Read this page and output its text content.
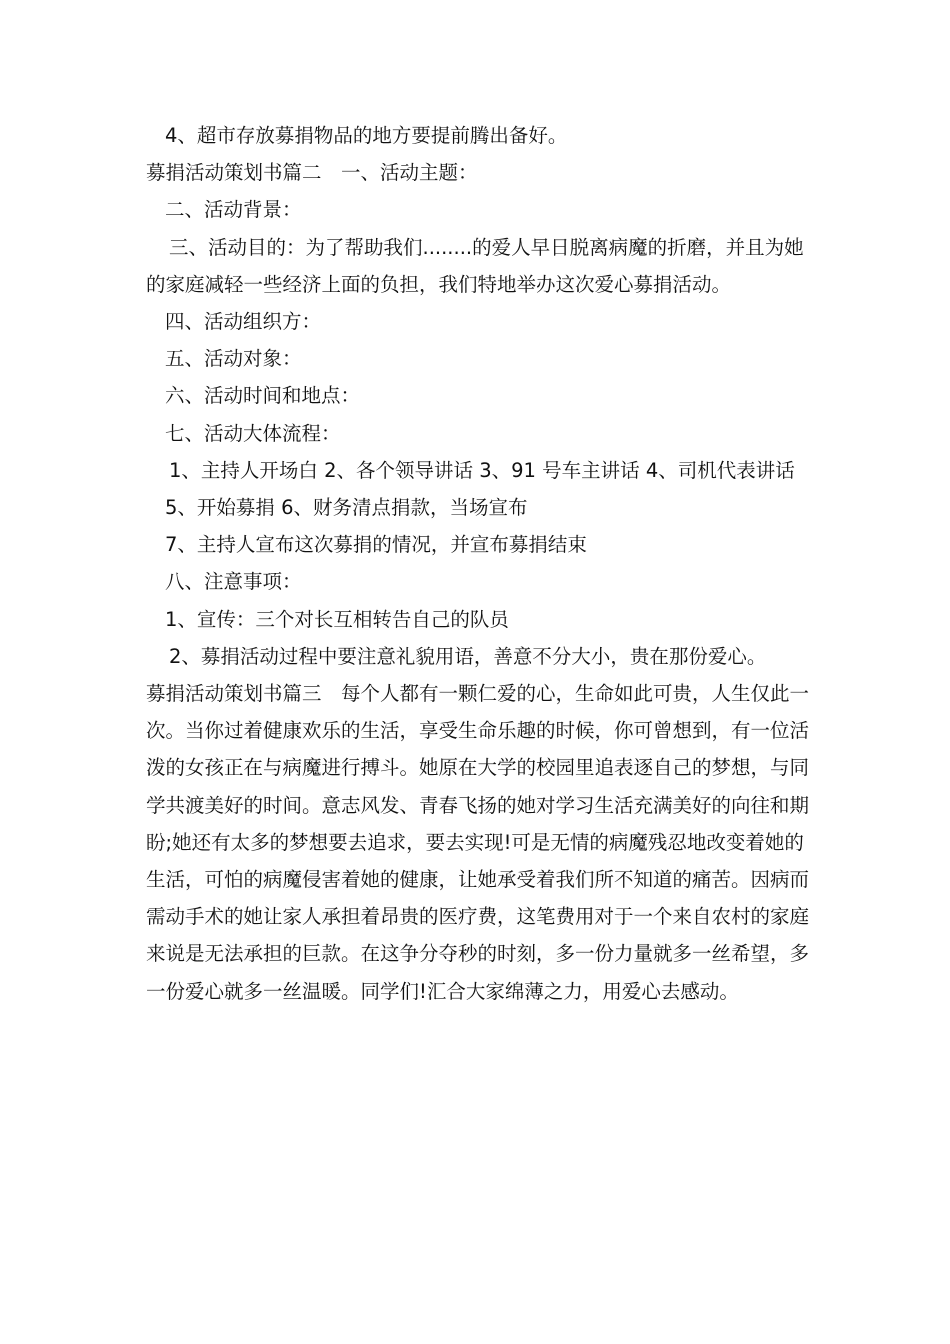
4、超市存放募捐物品的地方要提前腾出备好。

募捐活动策划书篇二　一、活动主题：

二、活动背景：

三、活动目的：为了帮助我们........的爱人早日脱离病魔的折磨，并且为她的家庭减轻一些经济上面的负担，我们特地举办这次爱心募捐活动。

四、活动组织方：

五、活动对象：

六、活动时间和地点：

七、活动大体流程：

1、主持人开场白 2、各个领导讲话 3、91 号车主讲话 4、司机代表讲话

5、开始募捐 6、财务清点捐款，当场宣布

7、主持人宣布这次募捐的情况，并宣布募捐结束

八、注意事项：

1、宣传：三个对长互相转告自己的队员

2、募捐活动过程中要注意礼貌用语，善意不分大小，贵在那份爱心。

募捐活动策划书篇三　每个人都有一颗仁爱的心，生命如此可贵，人生仅此一次。当你过着健康欢乐的生活，享受生命乐趣的时候，你可曾想到，有一位活泼的女孩正在与病魔进行搏斗。她原在大学的校园里追表逐自己的梦想，与同学共渡美好的时间。意志风发、青春飞扬的她对学习生活充满美好的向往和期盼;她还有太多的梦想要去追求，要去实现!可是无情的病魔残忍地改变着她的生活，可怕的病魔侵害着她的健康，让她承受着我们所不知道的痛苦。因病而需动手术的她让家人承担着昂贵的医疗费，这笔费用对于一个来自农村的家庭来说是无法承担的巨款。在这争分夺秒的时刻，多一份力量就多一丝希望，多一份爱心就多一丝温暖。同学们!汇合大家绵薄之力，用爱心去感动。
